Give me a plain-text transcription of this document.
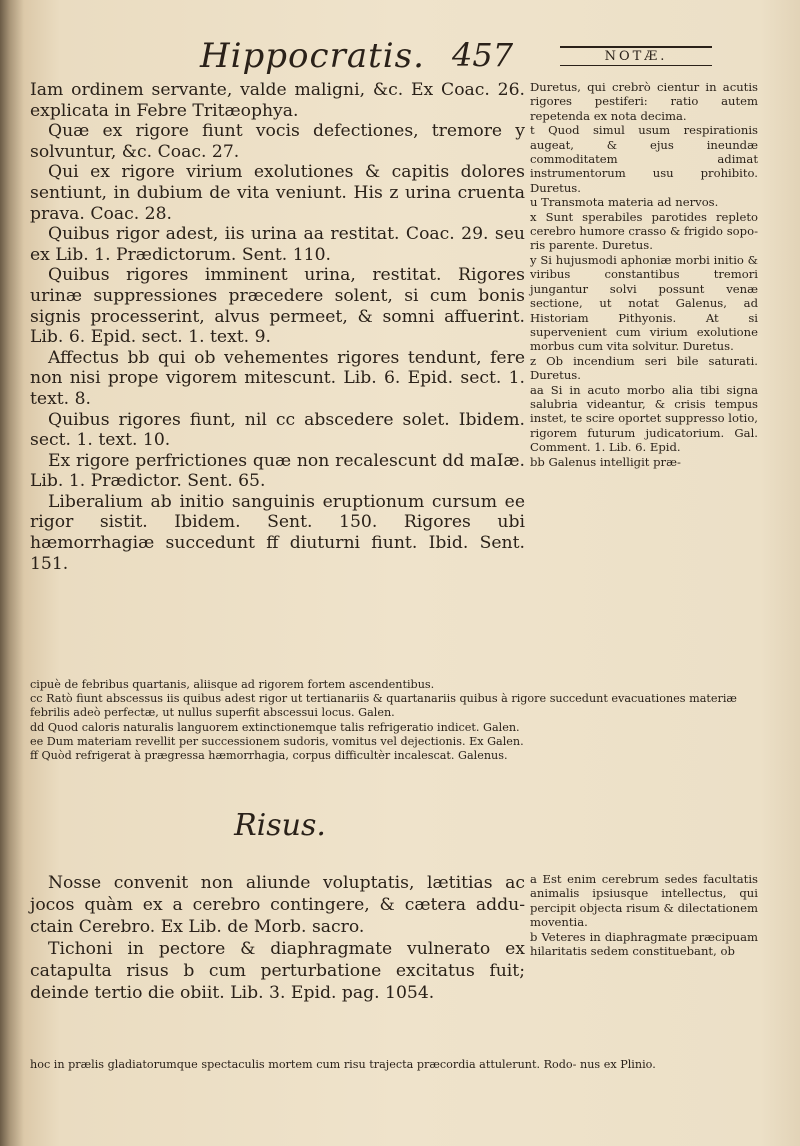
Hippocratis. 457	NOTÆ.

Iam ordinem servante, valde maligni, &c. Ex Coac. 26. explicata in Febre Tritæophya.

Quæ ex rigore fiunt vocis defectiones, tremore y solvuntur, &c. Coac. 27.

Qui ex rigore virium exolutiones & capitis dolores sentiunt, in dubium de vita veniunt. His z urina cruenta prava. Coac. 28.

Quibus rigor adest, iis urina aa restitat. Coac. 29. seu ex Lib. 1. Prædictorum. Sent. 110.

Quibus rigores imminent urina, restitat. Rigores urinæ suppressiones præcedere solent, si cum bonis signis processerint, alvus permeet, & somni affuerint. Lib. 6. Epid. sect. 1. text. 9.

Affectus bb qui ob vehementes rigores tendunt, fere non nisi prope vigorem mitescunt. Lib. 6. Epid. sect. 1. text. 8.

Quibus rigores fiunt, nil cc abscedere solet. Ibidem. sect. 1. text. 10.

Ex rigore perfrictiones quæ non recalescunt dd maIæ. Lib. 1. Prædictor. Sent. 65.

Liberalium ab initio sanguinis eruptionum cursum ee rigor sistit. Ibidem. Sent. 150. Rigores ubi hæmorrhagiæ succedunt ff diuturni fiunt. Ibid. Sent. 151.

Duretus, qui crebrò cientur in acutis rigores pestiferi: ratio autem repetenda ex nota decima.

t Quod simul usum respirationis augeat, & ejus ineundæ commoditatem adimat instrumentorum usu prohibito. Duretus.

u Transmota materia ad nervos.

x Sunt sperabiles parotides repleto cerebro humore crasso & frigido sopo- ris parente. Duretus.

y Si hujusmodi aphoniæ morbi initio & viribus constantibus tremori jungantur solvi possunt venæ sectione, ut notat Galenus, ad Historiam Pithyonis. At si supervenient cum virium exolutione morbus cum vita solvitur. Duretus.

z Ob incendium seri bile saturati. Duretus.

aa Si in acuto morbo alia tibi signa salubria videantur, & crisis tempus instet, te scire oportet suppresso lotio, rigorem futurum judicatorium. Gal. Comment. 1. Lib. 6. Epid.

bb Galenus intelligit præ-

cipuè de febribus quartanis, aliisque ad rigorem fortem ascendentibus.

cc Ratò fiunt abscessus iis quibus adest rigor ut tertianariis & quartanariis quibus à rigore succedunt evacuationes materiæ febrilis adeò perfectæ, ut nullus superfit abscessui locus. Galen.

dd Quod caloris naturalis languorem extinctionemque talis refrigeratio indicet. Galen.

ee Dum materiam revellit per successionem sudoris, vomitus vel dejectionis. Ex Galen.

ff Quòd refrigerat à prægressa hæmorrhagia, corpus difficultèr incalescat. Galenus.

Risus.

Nosse convenit non aliunde voluptatis, lætitias ac jocos quàm ex a cerebro contingere, & cætera addu- ctain Cerebro. Ex Lib. de Morb. sacro.

Tichoni in pectore & diaphragmate vulnerato ex catapulta risus b cum perturbatione excitatus fuit; deinde tertio die obiit. Lib. 3. Epid. pag. 1054.

a Est enim cerebrum sedes facultatis animalis ipsiusque intellectus, qui percipit objecta risum & dilectationem moventia.

b Veteres in diaphragmate præcipuam hilaritatis sedem constituebant, ob

hoc in prælis gladiatorumque spectaculis mortem cum risu trajecta præcordia attulerunt. Rodo- nus ex Plinio.
